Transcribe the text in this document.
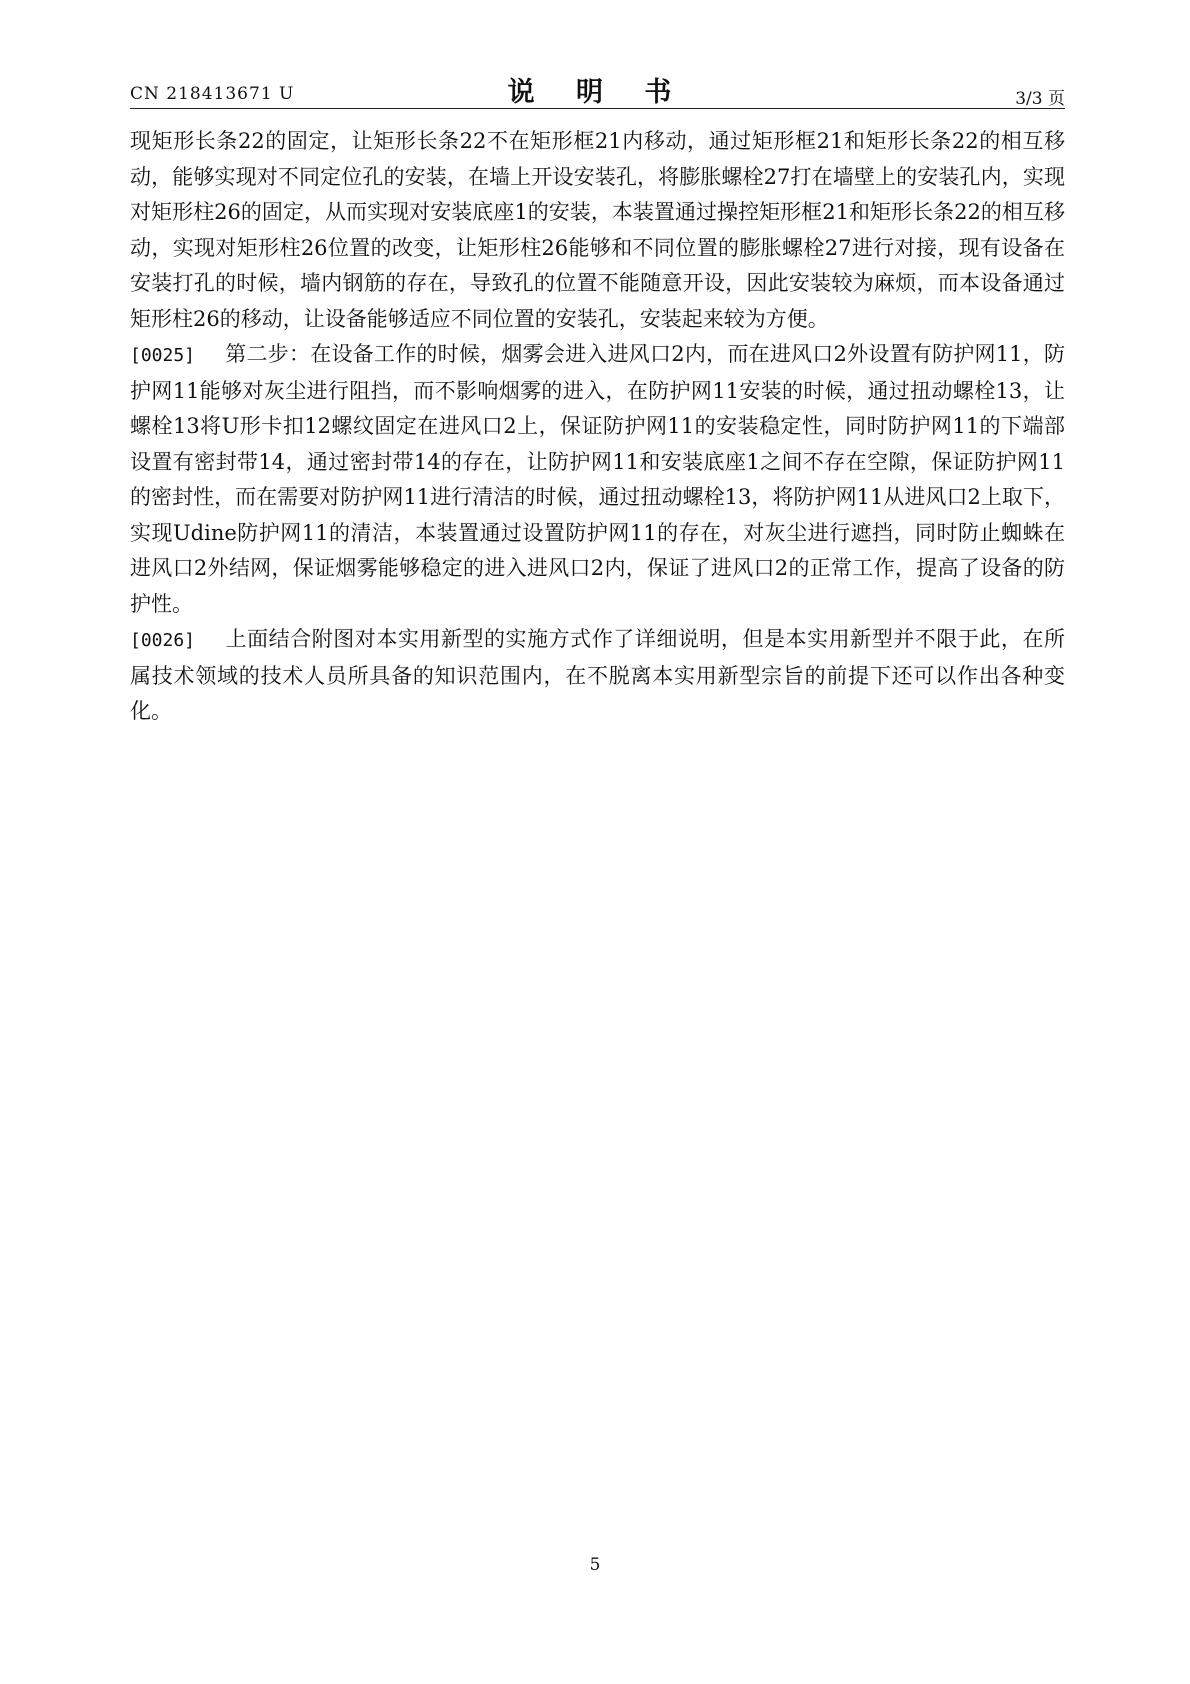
CN 218413671 U	说 明 书	3/3 页

现矩形长条22的固定，让矩形长条22不在矩形框21内移动，通过矩形框21和矩形长条22的相互移动，能够实现对不同定位孔的安装，在墙上开设安装孔，将膨胀螺栓27打在墙壁上的安装孔内，实现对矩形柱26的固定，从而实现对安装底座1的安装，本装置通过操控矩形框21和矩形长条22的相互移动，实现对矩形柱26位置的改变，让矩形柱26能够和不同位置的膨胀螺栓27进行对接，现有设备在安装打孔的时候，墙内钢筋的存在，导致孔的位置不能随意开设，因此安装较为麻烦，而本设备通过矩形柱26的移动，让设备能够适应不同位置的安装孔，安装起来较为方便。

[0025] 第二步：在设备工作的时候，烟雾会进入进风口2内，而在进风口2外设置有防护网11，防护网11能够对灰尘进行阻挡，而不影响烟雾的进入，在防护网11安装的时候，通过扭动螺栓13，让螺栓13将U形卡扣12螺纹固定在进风口2上，保证防护网11的安装稳定性，同时防护网11的下端部设置有密封带14，通过密封带14的存在，让防护网11和安装底座1之间不存在空隙，保证防护网11的密封性，而在需要对防护网11进行清洁的时候，通过扭动螺栓13，将防护网11从进风口2上取下，实现Udine防护网11的清洁，本装置通过设置防护网11的存在，对灰尘进行遮挡，同时防止蜘蛛在进风口2外结网，保证烟雾能够稳定的进入进风口2内，保证了进风口2的正常工作，提高了设备的防护性。

[0026] 上面结合附图对本实用新型的实施方式作了详细说明，但是本实用新型并不限于此，在所属技术领域的技术人员所具备的知识范围内，在不脱离本实用新型宗旨的前提下还可以作出各种变化。

5
